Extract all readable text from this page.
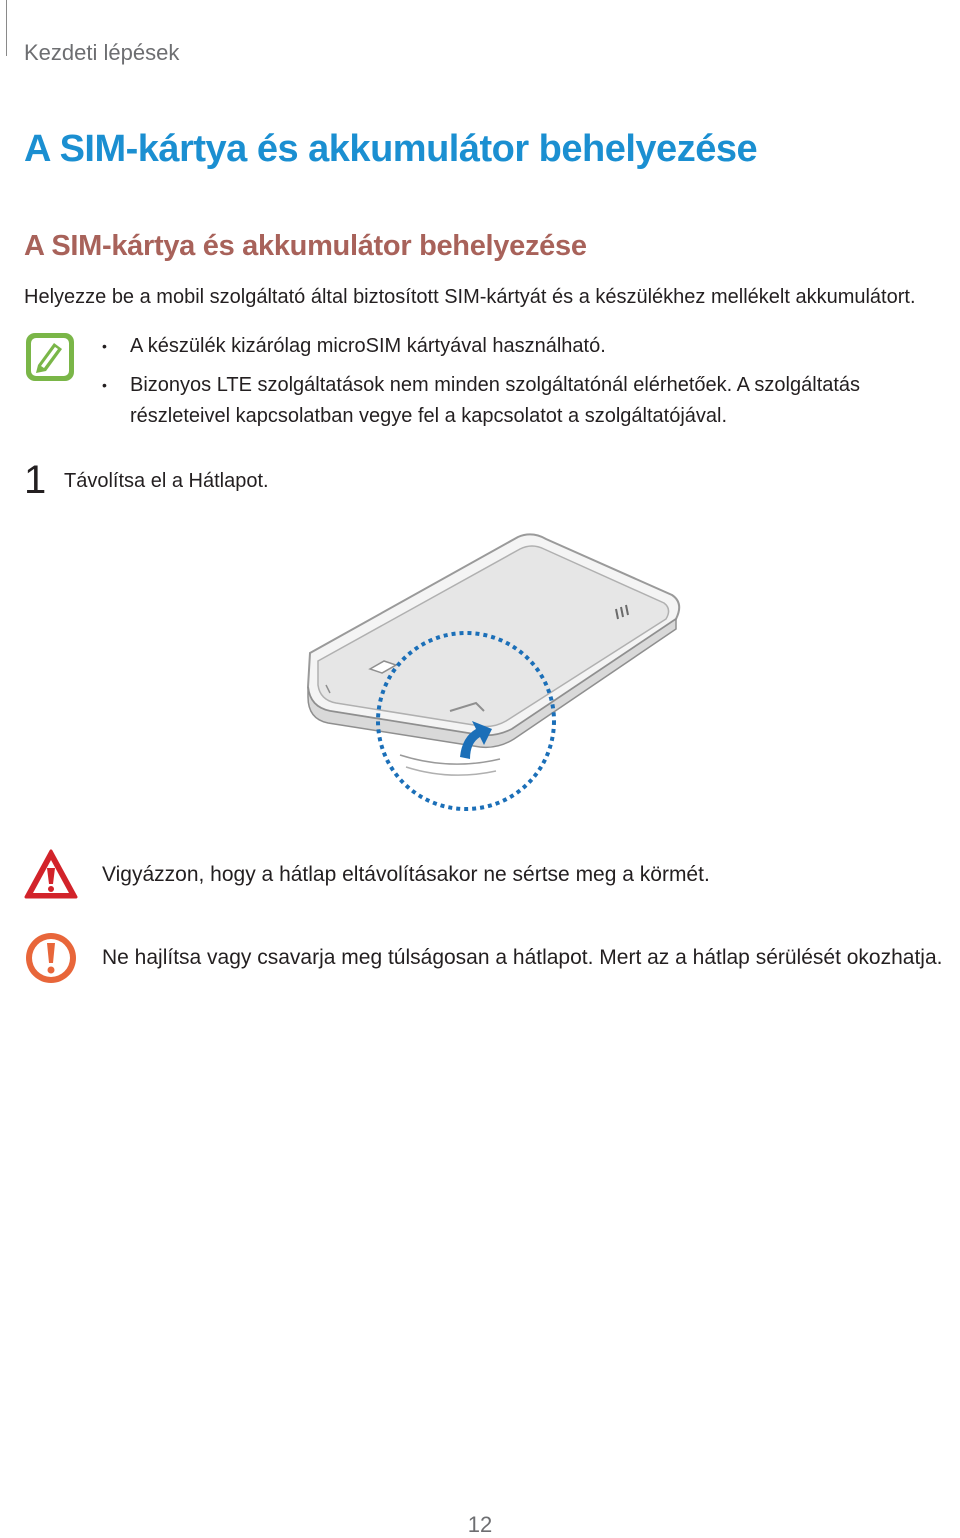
Kezdeti lépések
A SIM-kártya és akkumulátor behelyezése
A SIM-kártya és akkumulátor behelyezése
Helyezze be a mobil szolgáltató által biztosított SIM-kártyát és a készülékhez mellékelt akkumulátort.
• A készülék kizárólag microSIM kártyával használható.
• Bizonyos LTE szolgáltatások nem minden szolgáltatónál elérhetőek. A szolgáltatás részleteivel kapcsolatban vegye fel a kapcsolatot a szolgáltatójával.
1 Távolítsa el a Hátlapot.
Vigyázzon, hogy a hátlap eltávolításakor ne sértse meg a körmét.
Ne hajlítsa vagy csavarja meg túlságosan a hátlapot. Mert az a hátlap sérülését okozhatja.
12
